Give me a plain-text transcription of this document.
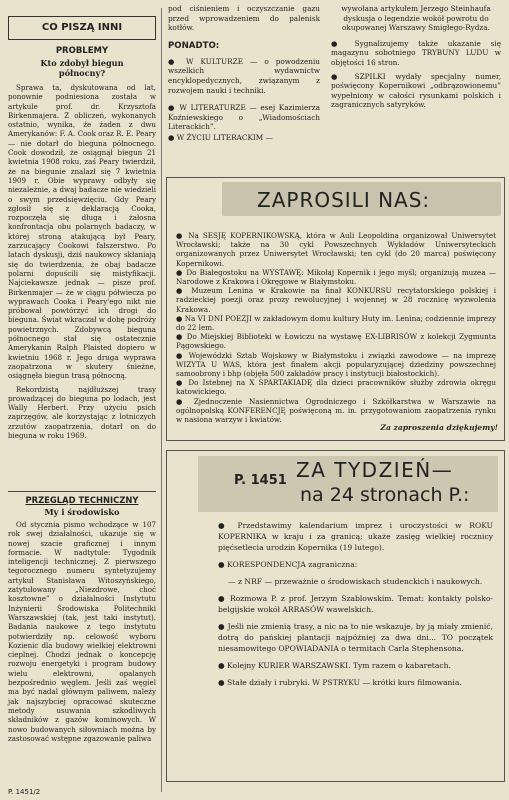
CO PISZĄ INNI
PROBLEMY
Kto zdobył biegun północny?

Sprawa ta, dyskutowana od lat, ponownie podniesiona została w artykule prof. dr. Krzysztofa Birkenmajera. Z obliczeń, wykonanych ostatnio, wynika, że żaden z dwu Amerykanów: F. A. Cook oraz R. E. Peary — nie dotarł do bieguna północnego. Cook dowodził, że osiągnął biegun 21 kwietnia 1908 roku, zaś Peary twierdził, że na biegunie znalazł się 7 kwietnia 1909 r. Obie wyprawy odbyły się niezależnie, a dwaj badacze nie wiedzieli o swym przedsięwzięciu. Gdy Peary zgłosił się z deklaracją Cooka, rozpoczęła się długa i żałosna konfrontacja obu polarnych badaczy, w której stroną atakującą był Peary, zarzucający Cookowi fałszerstwo. Po latach dyskusji, dziś naukowcy skłaniają się do twierdzenia, że obaj badacze polarni dopuścili się mistyfikacji. Najciekawsze jednak — pisze prof. Birkenmajer — że w ciągu półwiecza po wyprawach Cooka i Peary'ego nikt nie próbował powtórzyć ich drogi do bieguna. Świat wkraczał w dobę podróży powietrznych. Zdobywcą bieguna północnego stał się ostatecznie Amerykanin Ralph Plaisted dopiero w kwietniu 1968 r. Jego druga wyprawa zaopatrzona w skutery śnieżne, osiągnęła biegun trasą północną.

Rekordzistą najdłuższej trasy prowadzącej do bieguna po lodach, jest Wally Herbert. Przy użyciu psich zaprzęgów, ale korzystając z lotniczych zrzutów zaopatrzenia, dotarł on do bieguna w roku 1969.

PRZEGLĄD TECHNICZNY
My i środowisko

Od stycznia pismo wchodzące w 107 rok swej działalności, ukazuje się w nowej szacie graficznej i innym formacie. W nadtytule: Tygodnik inteligencji technicznej. Z pierwszego tegorocznego numeru syntetyzujemy artykuł Stanisława Witoszyńskiego, zatytułowany „Niezdrowe, choć kosztowne” o działalności Instytutu Inżynierii Środowiska Politechniki Warszawskiej (tak, jest taki instytut). Badania naukowe z tego instytutu potwierdziły np. celowość wyboru Kozienic dla budowy wielkiej elektrowni cieplnej. Chodzi jednak o koncepcję rozwoju energetyki i program budowy wielu elektrowni, opalanych bezpośrednio węglem. Jeśli zaś węgiel ma być nadal głównym paliwem, należy jak najszybciej opracować skuteczne metody usuwania szkodliwych składników z gazów kominowych. W nowo budowanych siłowniach można by zastosować wstępne zgazowanie paliwa

pod ciśnieniem i oczyszczanie gazu przed wprowadzeniem do palenisk kotłów.

PONADTO:

● W KULTURZE — o powodzeniu wszelkich wydawnictw encyklopedycznych, związanym z rozwojem nauki i techniki.

● W LITERATURZE — esej Kazimierza Koźniewskiego o „Wiadomościach Literackich”.

● W ŻYCIU LITERACKIM —

wywołana artykułem Jerzego Steinhaufa dyskusja o legendzie wokół powrotu do okupowanej Warszawy Smigłego-Rydza.

● Sygnalizujemy także ukazanie się magazynu sobotniego TRYBUNY LUDU w objętości 16 stron.

● SZPILKI wydały specjalny numer, poświęcony Kopernikowi „odbrązowionemu” wypełniony w całości rysunkami polskich i zagranicznych satyryków.

ZAPROSILI NAS:

● Na SESJĘ KOPERNIKOWSKĄ, która w Auli Leopoldina organizował Uniwersytet Wrocławski; także na 30 cykl Powszechnych Wykładów Uniwersyteckich organizowanych przez Uniwersytet Wrocławski; ten cykl (do 20 marca) poświęcony Kopernikowi.

● Do Białegostoku na WYSTAWĘ: Mikołaj Kopernik i jego myśl; organizują muzea — Narodowe z Krakowa i Okręgowe w Białymstoku.

● Muzeum Lenina w Krakowie na finał KONKURSU recytatorskiego polskiej i radzieckiej poezji oraz prozy rewolucyjnej i wojennej w 28 rocznicę wyzwolenia Krakowa.

● Na VI DNI POEZJI w zakładowym domu kultury Huty im. Lenina; codziennie imprezy do 22 lem.

● Do Miejskiej Biblioteki w Łowiczu na wystawę EX-LIBRISÓW z kolekcji Zygmunta Pągowskiego.

● Wojewódzki Sztab Wojskowy w Białymstoku i związki zawodowe — na imprezę WIZYTA U WAS, która jest finałem akcji popularyzującej dziedziny powszechnej samoobrony i bhp (objęła 500 zakładów pracy i instytucji białostockich).

● Do Istebnej na X SPARTAKIADĘ dla dzieci pracowników służby zdrowia okręgu katowickiego.

● Zjednoczenie Nasiennictwa Ogrodniczego i Szkółkarstwa w Warszawie na ogólnopolską KONFERENCJĘ poświęconą m. in. przygotowaniom zaopatrzenia rynku w nasiona warzyw i kwiatów.

Za zaproszenia dziękujemy!
P. 1451 ZA TYDZIEŃ—
na 24 stronach P.:

● Przedstawimy kalendarium imprez i uroczystości w ROKU KOPERNIKA w kraju i za granicą; ukaże zasięg wielkiej rocznicy pięćsetlecia urodzin Kopernika (19 lutego).

● KORESPONDENCJA zagraniczna:

— z NRF — przeważnie o środowiskach studenckich i naukowych.

● Rozmowa P. z prof. Jerzym Szablowskim. Temat: kontakty polsko-belgijskie wokół ARRASÓW wawelskich.

● Jeśli nie zmienią trasy, a nic na to nie wskazuje, by ją miały zmienić, dotrą do pańskiej plantacji najpóźniej za dwa dni... TO początek niesamowitego OPOWIADANIA o termitach Carla Stephensona.

● Kolejny KURIER WARSZAWSKI. Tym razem o kabaretach.

● Stałe działy i rubryki. W PSTRYKU — krótki kurs filmowania.

P. 1451/2
